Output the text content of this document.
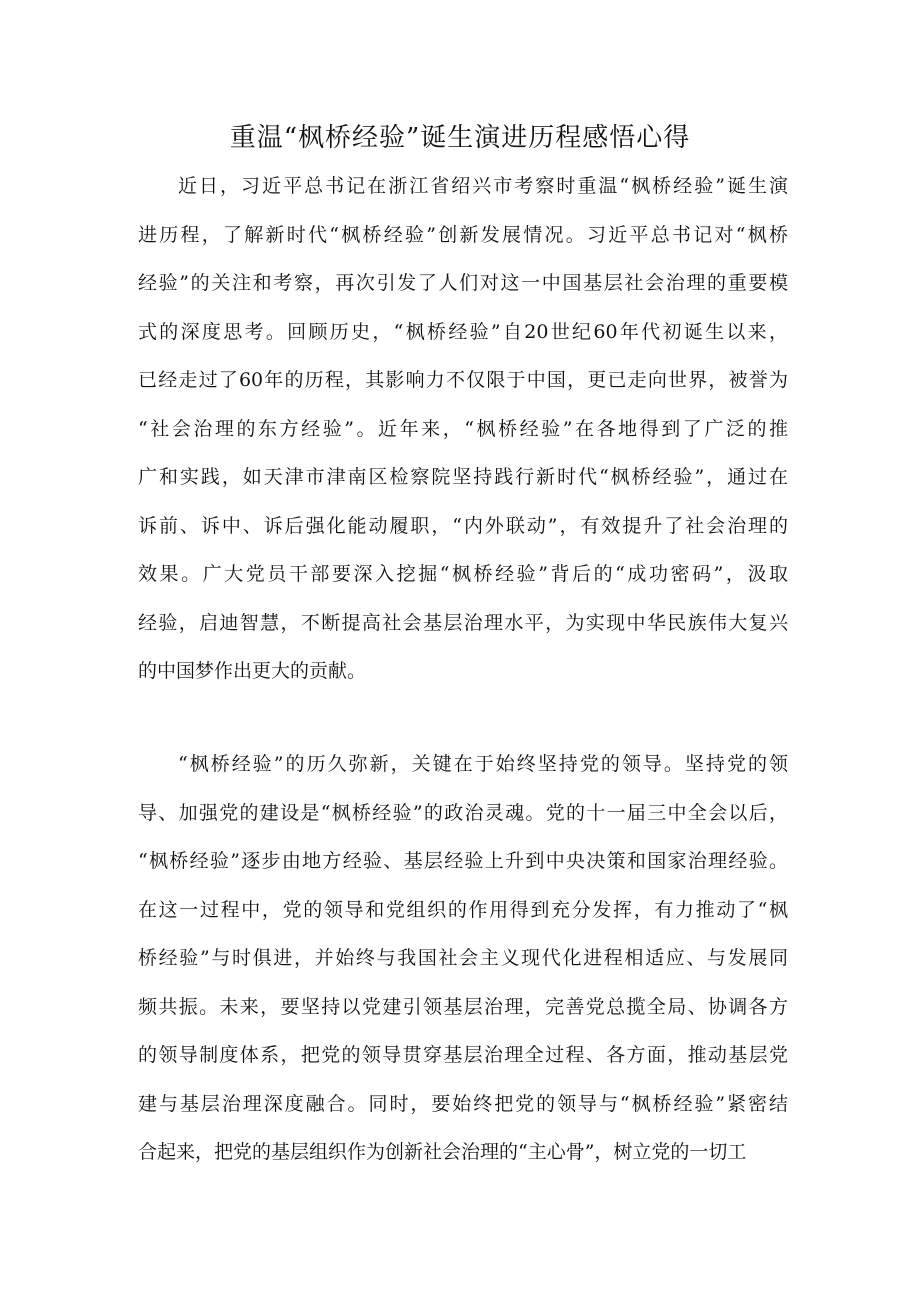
重温“枫桥经验”诞生演进历程感悟心得
近日，习近平总书记在浙江省绍兴市考察时重温“枫桥经验”诞生演
进历程，了解新时代“枫桥经验”创新发展情况。习近平总书记对“枫桥
经验”的关注和考察，再次引发了人们对这一中国基层社会治理的重要模
式的深度思考。回顾历史，“枫桥经验”自20世纪60年代初诞生以来，
已经走过了60年的历程，其影响力不仅限于中国，更已走向世界，被誉为
“社会治理的东方经验”。近年来，“枫桥经验”在各地得到了广泛的推
广和实践，如天津市津南区检察院坚持践行新时代“枫桥经验”，通过在
诉前、诉中、诉后强化能动履职，“内外联动”，有效提升了社会治理的
效果。广大党员干部要深入挖掘“枫桥经验”背后的“成功密码”，汲取
经验，启迪智慧，不断提高社会基层治理水平，为实现中华民族伟大复兴
的中国梦作出更大的贡献。
“枫桥经验”的历久弥新，关键在于始终坚持党的领导。坚持党的领
导、加强党的建设是“枫桥经验”的政治灵魂。党的十一届三中全会以后，
“枫桥经验”逐步由地方经验、基层经验上升到中央决策和国家治理经验。
在这一过程中，党的领导和党组织的作用得到充分发挥，有力推动了“枫
桥经验”与时俱进，并始终与我国社会主义现代化进程相适应、与发展同
频共振。未来，要坚持以党建引领基层治理，完善党总揽全局、协调各方
的领导制度体系，把党的领导贯穿基层治理全过程、各方面，推动基层党
建与基层治理深度融合。同时，要始终把党的领导与“枫桥经验”紧密结
合起来，把党的基层组织作为创新社会治理的“主心骨”，树立党的一切工
